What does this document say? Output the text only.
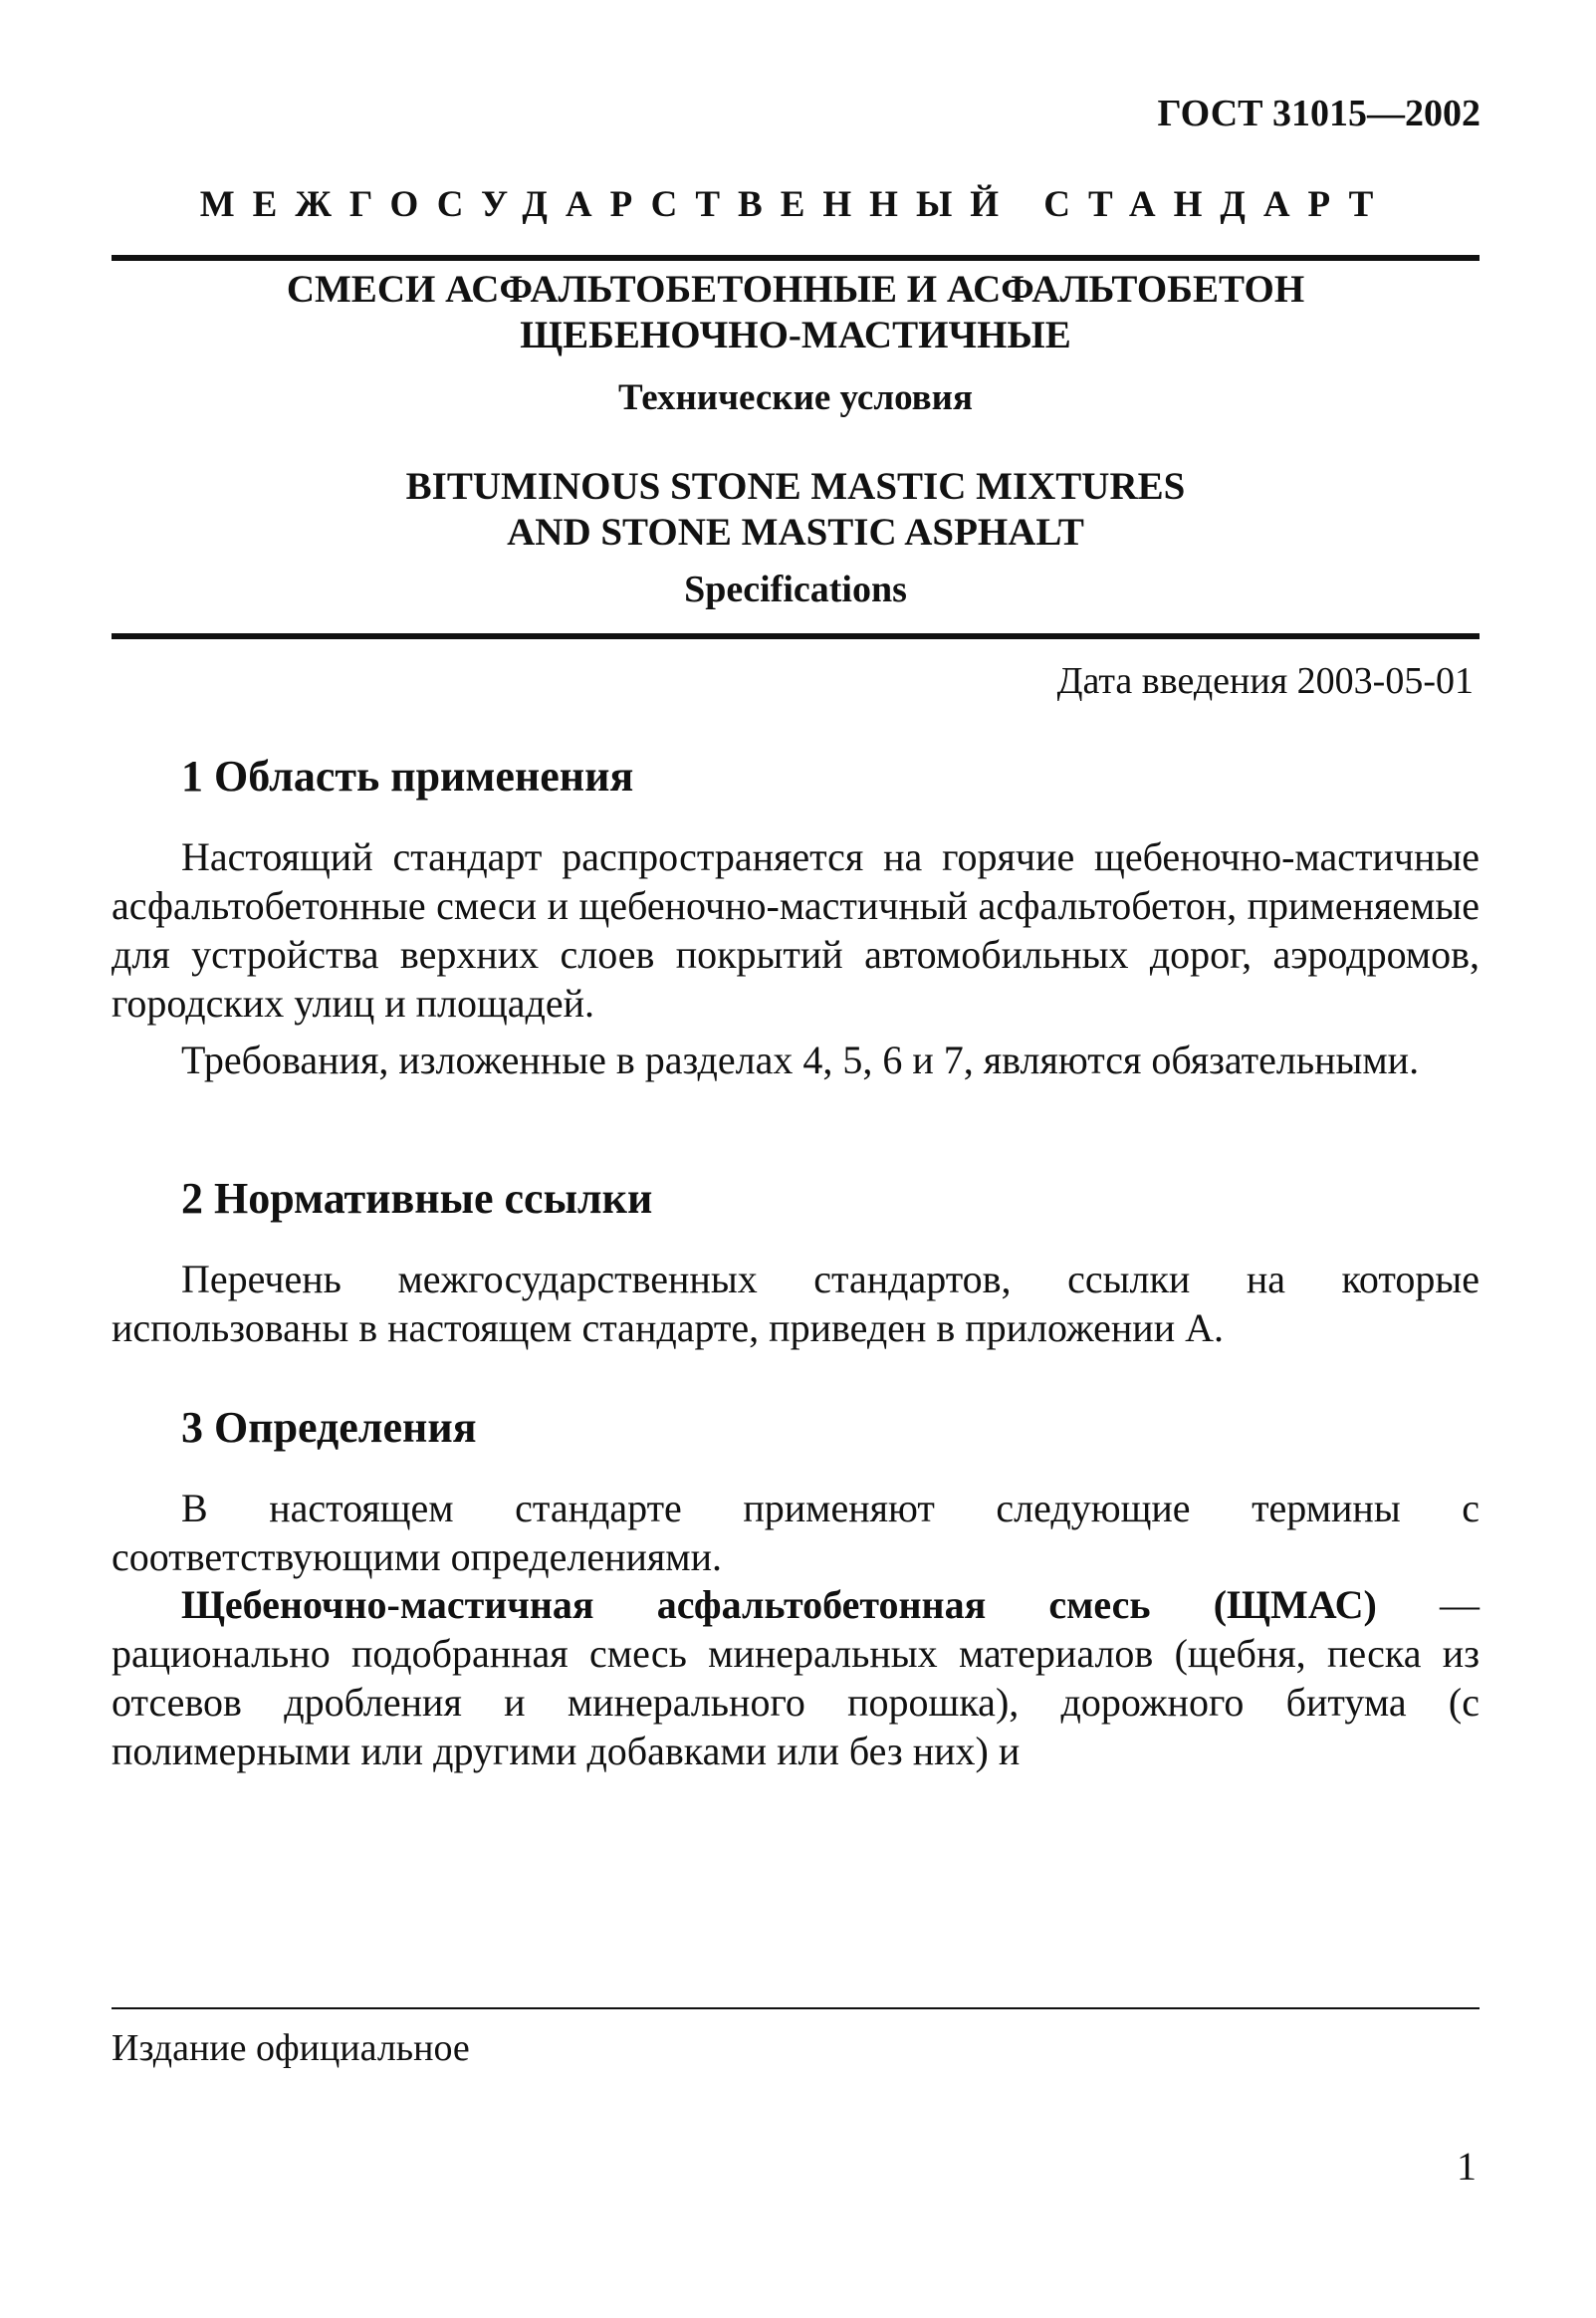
ГОСТ 31015—2002
МЕЖГОСУДАРСТВЕННЫЙ СТАНДАРТ
СМЕСИ АСФАЛЬТОБЕТОННЫЕ И АСФАЛЬТОБЕТОН
ЩЕБЕНОЧНО-МАСТИЧНЫЕ
Технические условия
BITUMINOUS STONE MASTIC MIXTURES
AND STONE MASTIC ASPHALT
Specifications
Дата введения 2003-05-01
1 Область применения

Настоящий стандарт распространяется на горячие щебеночно-мастичные асфальтобетонные смеси и щебеночно-мастичный асфальтобетон, применяемые для устройства верхних слоев покрытий автомобильных дорог, аэродромов, городских улиц и площадей.

Требования, изложенные в разделах 4, 5, 6 и 7, являются обязательными.

2 Нормативные ссылки

Перечень межгосударственных стандартов, ссылки на которые использованы в настоящем стандарте, приведен в приложении А.

3 Определения

В настоящем стандарте применяют следующие термины с соответствующими определениями.

Щебеночно-мастичная асфальтобетонная смесь (ЩМАС) — рационально подобранная смесь минеральных материалов (щебня, песка из отсевов дробления и минерального порошка), дорожного битума (с полимерными или другими добавками или без них) и

Издание официальное
1
